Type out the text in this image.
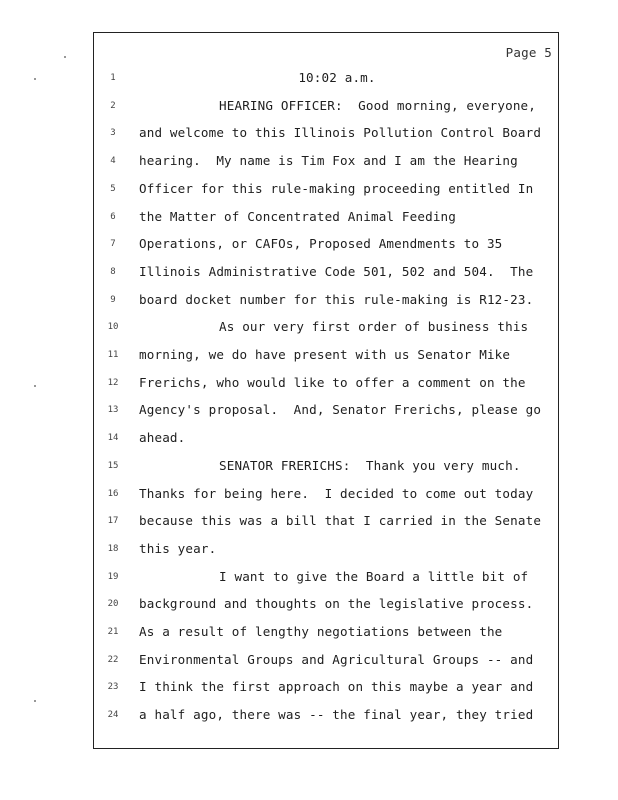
Page 5
1	10:02 a.m.
2	HEARING OFFICER:  Good morning, everyone,
3	and welcome to this Illinois Pollution Control Board
4	hearing.  My name is Tim Fox and I am the Hearing
5	Officer for this rule-making proceeding entitled In
6	the Matter of Concentrated Animal Feeding
7	Operations, or CAFOs, Proposed Amendments to 35
8	Illinois Administrative Code 501, 502 and 504.  The
9	board docket number for this rule-making is R12-23.
10	As our very first order of business this
11 morning, we do have present with us Senator Mike
12 Frerichs, who would like to offer a comment on the
13 Agency's proposal.  And, Senator Frerichs, please go
14 ahead.
15	SENATOR FRERICHS:  Thank you very much.
16 Thanks for being here.  I decided to come out today
17 because this was a bill that I carried in the Senate
18 this year.
19	I want to give the Board a little bit of
20 background and thoughts on the legislative process.
21 As a result of lengthy negotiations between the
22 Environmental Groups and Agricultural Groups -- and
23 I think the first approach on this maybe a year and
24 a half ago, there was -- the final year, they tried
